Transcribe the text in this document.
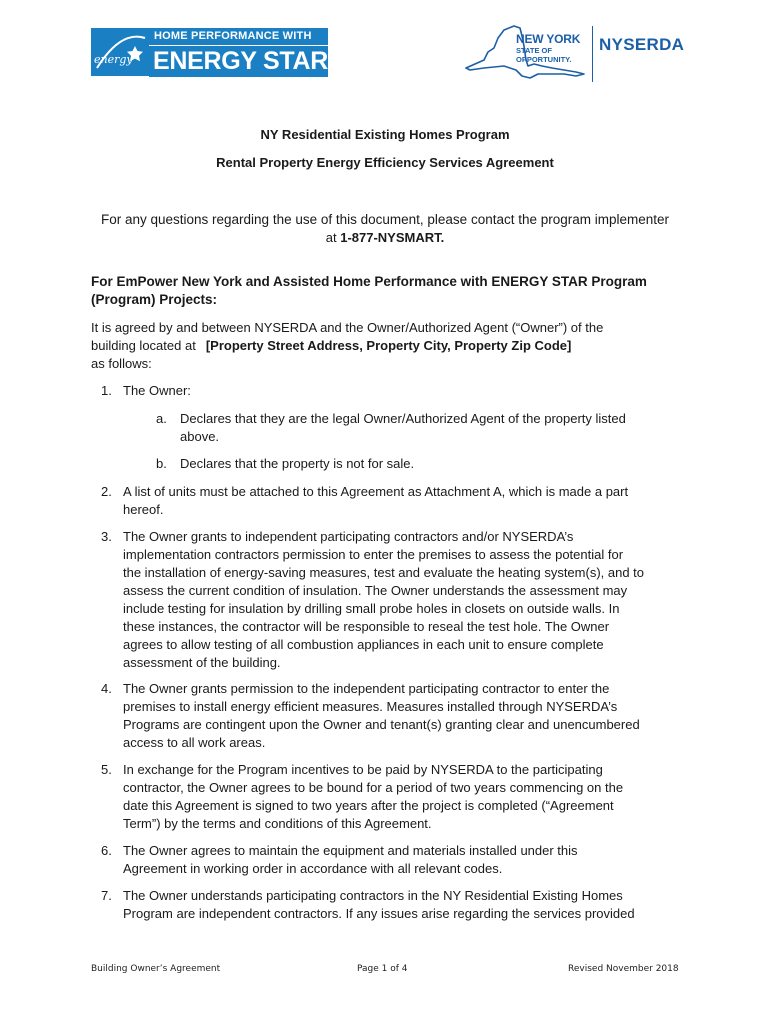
energy
HOME PERFORMANCE WITH
ENERGY STAR
NEW YORK
STATE OF
OPPORTUNITY.
NYSERDA
NY Residential Existing Homes Program
Rental Property Energy Efficiency Services Agreement
For any questions regarding the use of this document, please contact the program implementer
at 1-877-NYSMART.
For EmPower New York and Assisted Home Performance with ENERGY STAR Program
(Program) Projects:
It is agreed by and between NYSERDA and the Owner/Authorized Agent (“Owner”) of the
building located at [Property Street Address, Property City, Property Zip Code]
as follows:
1. The Owner:
a. Declares that they are the legal Owner/Authorized Agent of the property listed
above.
b. Declares that the property is not for sale.
2. A list of units must be attached to this Agreement as Attachment A, which is made a part
hereof.
3. The Owner grants to independent participating contractors and/or NYSERDA’s
implementation contractors permission to enter the premises to assess the potential for
the installation of energy-saving measures, test and evaluate the heating system(s), and to
assess the current condition of insulation. The Owner understands the assessment may
include testing for insulation by drilling small probe holes in closets on outside walls. In
these instances, the contractor will be responsible to reseal the test hole. The Owner
agrees to allow testing of all combustion appliances in each unit to ensure complete
assessment of the building.
4. The Owner grants permission to the independent participating contractor to enter the
premises to install energy efficient measures. Measures installed through NYSERDA’s
Programs are contingent upon the Owner and tenant(s) granting clear and unencumbered
access to all work areas.
5. In exchange for the Program incentives to be paid by NYSERDA to the participating
contractor, the Owner agrees to be bound for a period of two years commencing on the
date this Agreement is signed to two years after the project is completed (“Agreement
Term”) by the terms and conditions of this Agreement.
6. The Owner agrees to maintain the equipment and materials installed under this
Agreement in working order in accordance with all relevant codes.
7. The Owner understands participating contractors in the NY Residential Existing Homes
Program are independent contractors. If any issues arise regarding the services provided
Building Owner’s Agreement	Page 1 of 4	Revised November 2018
